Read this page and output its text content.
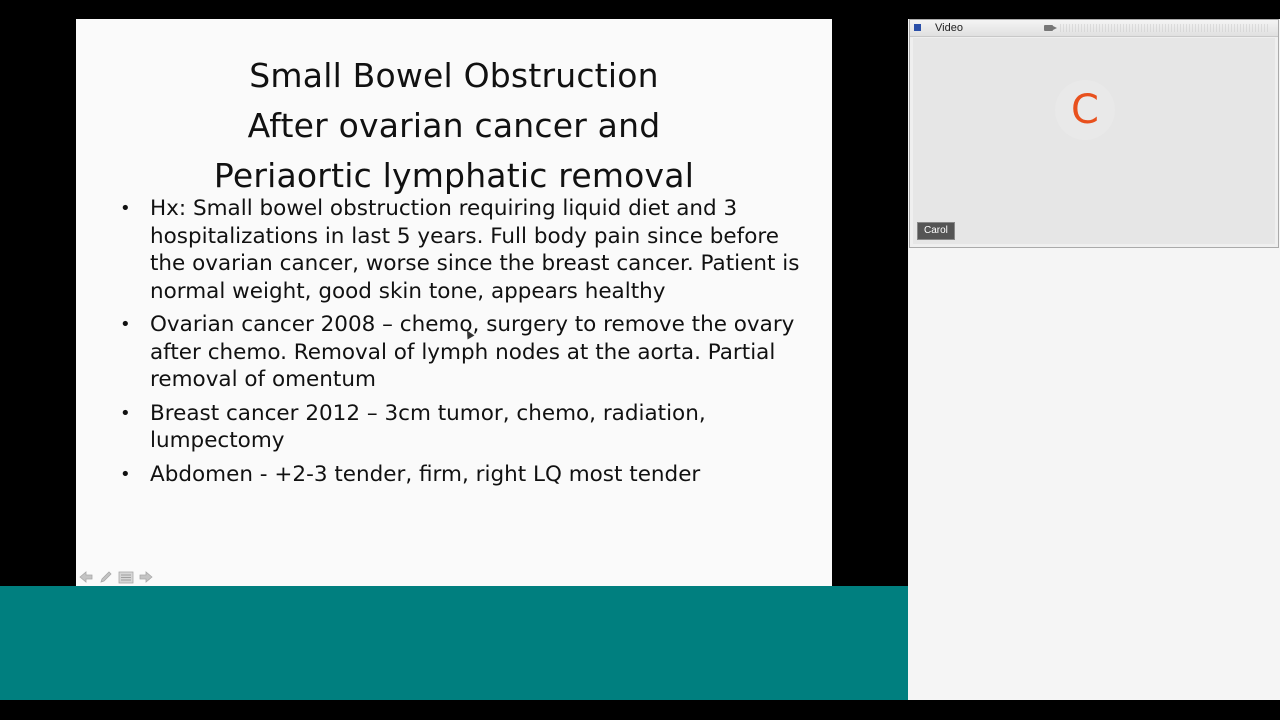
Small Bowel Obstruction
After ovarian cancer and
Periaortic lymphatic removal
• Hx: Small bowel obstruction requiring liquid diet and 3 hospitalizations in last 5 years. Full body pain since before the ovarian cancer, worse since the breast cancer. Patient is normal weight, good skin tone, appears healthy
• Ovarian cancer 2008 – chemo, surgery to remove the ovary after chemo. Removal of lymph nodes at the aorta. Partial removal of omentum
• Breast cancer 2012 – 3cm tumor, chemo, radiation, lumpectomy
• Abdomen - +2-3 tender, firm, right LQ most tender
Video
C
Carol
